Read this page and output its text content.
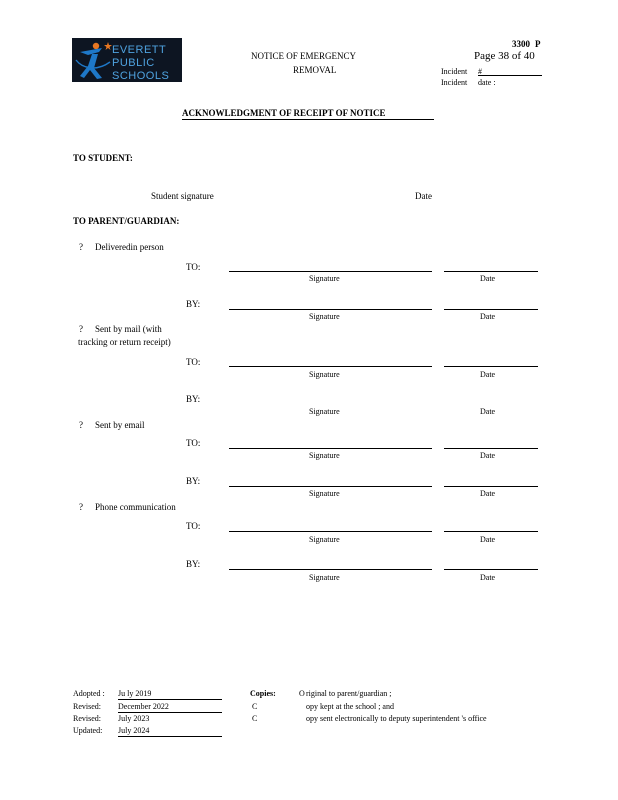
EVERETT
PUBLIC
SCHOOLS
3300 P
Page 38 of 40
NOTICE OF EMERGENCY
REMOVAL	Incident #
Incident date :
ACKNOWLEDGMENT OF RECEIPT OF NOTICE
TO STUDENT:
Student signature	Date
TO PARENT/GUARDIAN:
? Deliveredin person
TO:
Signature	Date
BY:
Signature	Date
? Sent by mail (with
tracking or return receipt)
TO:
Signature	Date
BY:
Signature	Date
? Sent by email
TO:
Signature	Date
BY:
Signature	Date
? Phone communication
TO:
Signature	Date
BY:
Signature	Date
Adopted : Ju ly 2019
Revised: December 2022
Revised: July 2023
Updated: July 2024
Copies:	O riginal to parent/guardian ;
C	opy kept at the school ; and
C	opy sent electronically to deputy superintendent 's office
